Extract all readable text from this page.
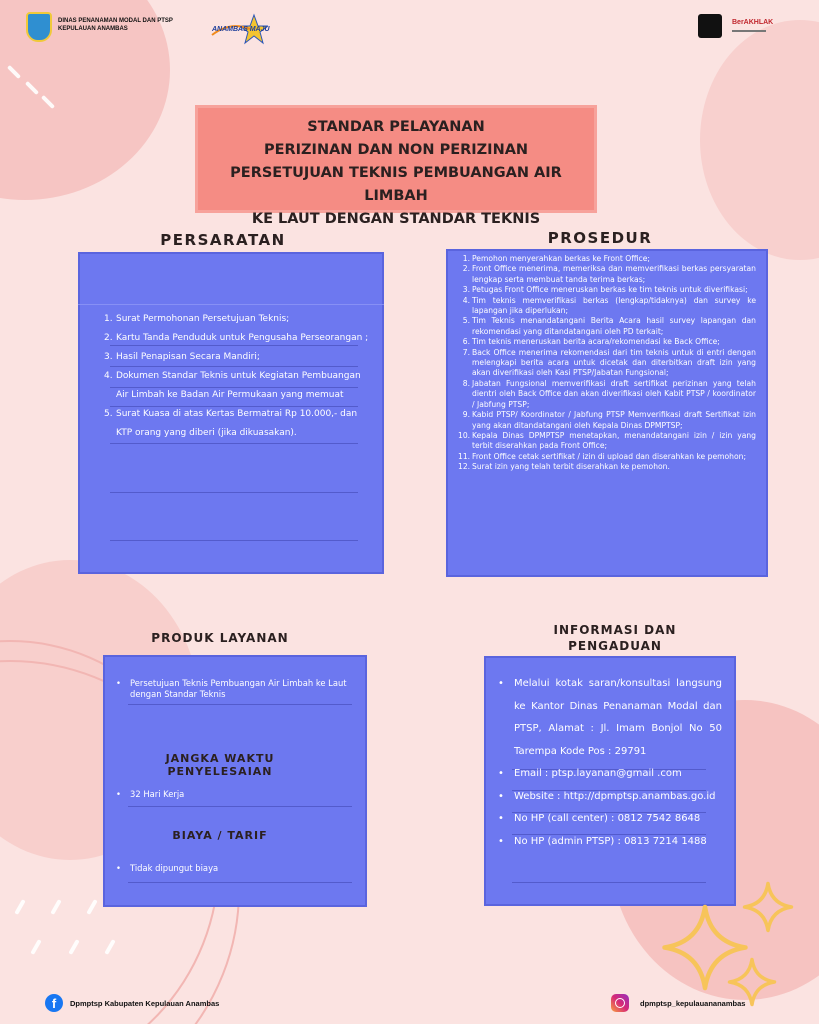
DINAS PENANAMAN MODAL DAN PTSP
KEPULAUAN ANAMBAS	ANAMBAS MAJU
BerAKHLAK
STANDAR PELAYANAN
PERIZINAN DAN NON PERIZINAN
PERSETUJUAN TEKNIS PEMBUANGAN AIR LIMBAH
KE LAUT DENGAN STANDAR TEKNIS
PERSARATAN
1. Surat Permohonan Persetujuan Teknis;
2. Kartu Tanda Penduduk untuk Pengusaha Perseorangan ;
3. Hasil Penapisan Secara Mandiri;
4. Dokumen Standar Teknis untuk Kegiatan Pembuangan Air Limbah ke Badan Air Permukaan yang memuat
5. Surat Kuasa di atas Kertas Bermatrai Rp 10.000,- dan KTP orang yang diberi (jika dikuasakan).
PROSEDUR
1. Pemohon menyerahkan berkas ke Front Office;
2. Front Office menerima, memeriksa dan memverifikasi berkas persyaratan lengkap serta membuat tanda terima berkas;
3. Petugas Front Office meneruskan berkas ke tim teknis untuk diverifikasi;
4. Tim teknis memverifikasi berkas (lengkap/tidaknya) dan survey ke lapangan jika diperlukan;
5. Tim Teknis menandatangani Berita Acara hasil survey lapangan dan rekomendasi yang ditandatangani oleh PD terkait;
6. Tim teknis meneruskan berita acara/rekomendasi ke Back Office;
7. Back Office menerima rekomendasi dari tim teknis untuk di entri dengan melengkapi berita acara untuk dicetak dan diterbitkan draft izin yang akan diverifikasi oleh Kasi PTSP/Jabatan Fungsional;
8. Jabatan Fungsional memverifikasi draft sertifikat perizinan yang telah dientri oleh Back Office dan akan diverifikasi oleh Kabit PTSP / koordinator / Jabfung PTSP;
9. Kabid PTSP/ Koordinator / Jabfung PTSP Memverifikasi draft Sertifikat izin yang akan ditandatangani oleh Kepala Dinas DPMPTSP;
10. Kepala Dinas DPMPTSP menetapkan, menandatangani izin / izin yang terbit diserahkan pada Front Office;
11. Front Office cetak sertifikat / izin di upload dan diserahkan ke pemohon;
12. Surat izin yang telah terbit diserahkan ke pemohon.
PRODUK LAYANAN
•	Persetujuan Teknis Pembuangan Air Limbah ke Laut dengan Standar Teknis
JANGKA WAKTU PENYELESAIAN
•	32 Hari Kerja
BIAYA / TARIF
•	Tidak dipungut biaya
INFORMASI DAN
PENGADUAN
•	Melalui kotak saran/konsultasi langsung ke Kantor Dinas Penanaman Modal dan PTSP, Alamat : Jl. Imam Bonjol No 50 Tarempa Kode Pos : 29791
•	Email : ptsp.layanan@gmail .com
•	Website : http://dpmptsp.anambas.go.id
•	No HP (call center) : 0812 7542 8648
•	No HP (admin PTSP) : 0813 7214 1488
f	Dpmptsp Kabupaten Kepulauan Anambas	dpmptsp_kepulauananambas
